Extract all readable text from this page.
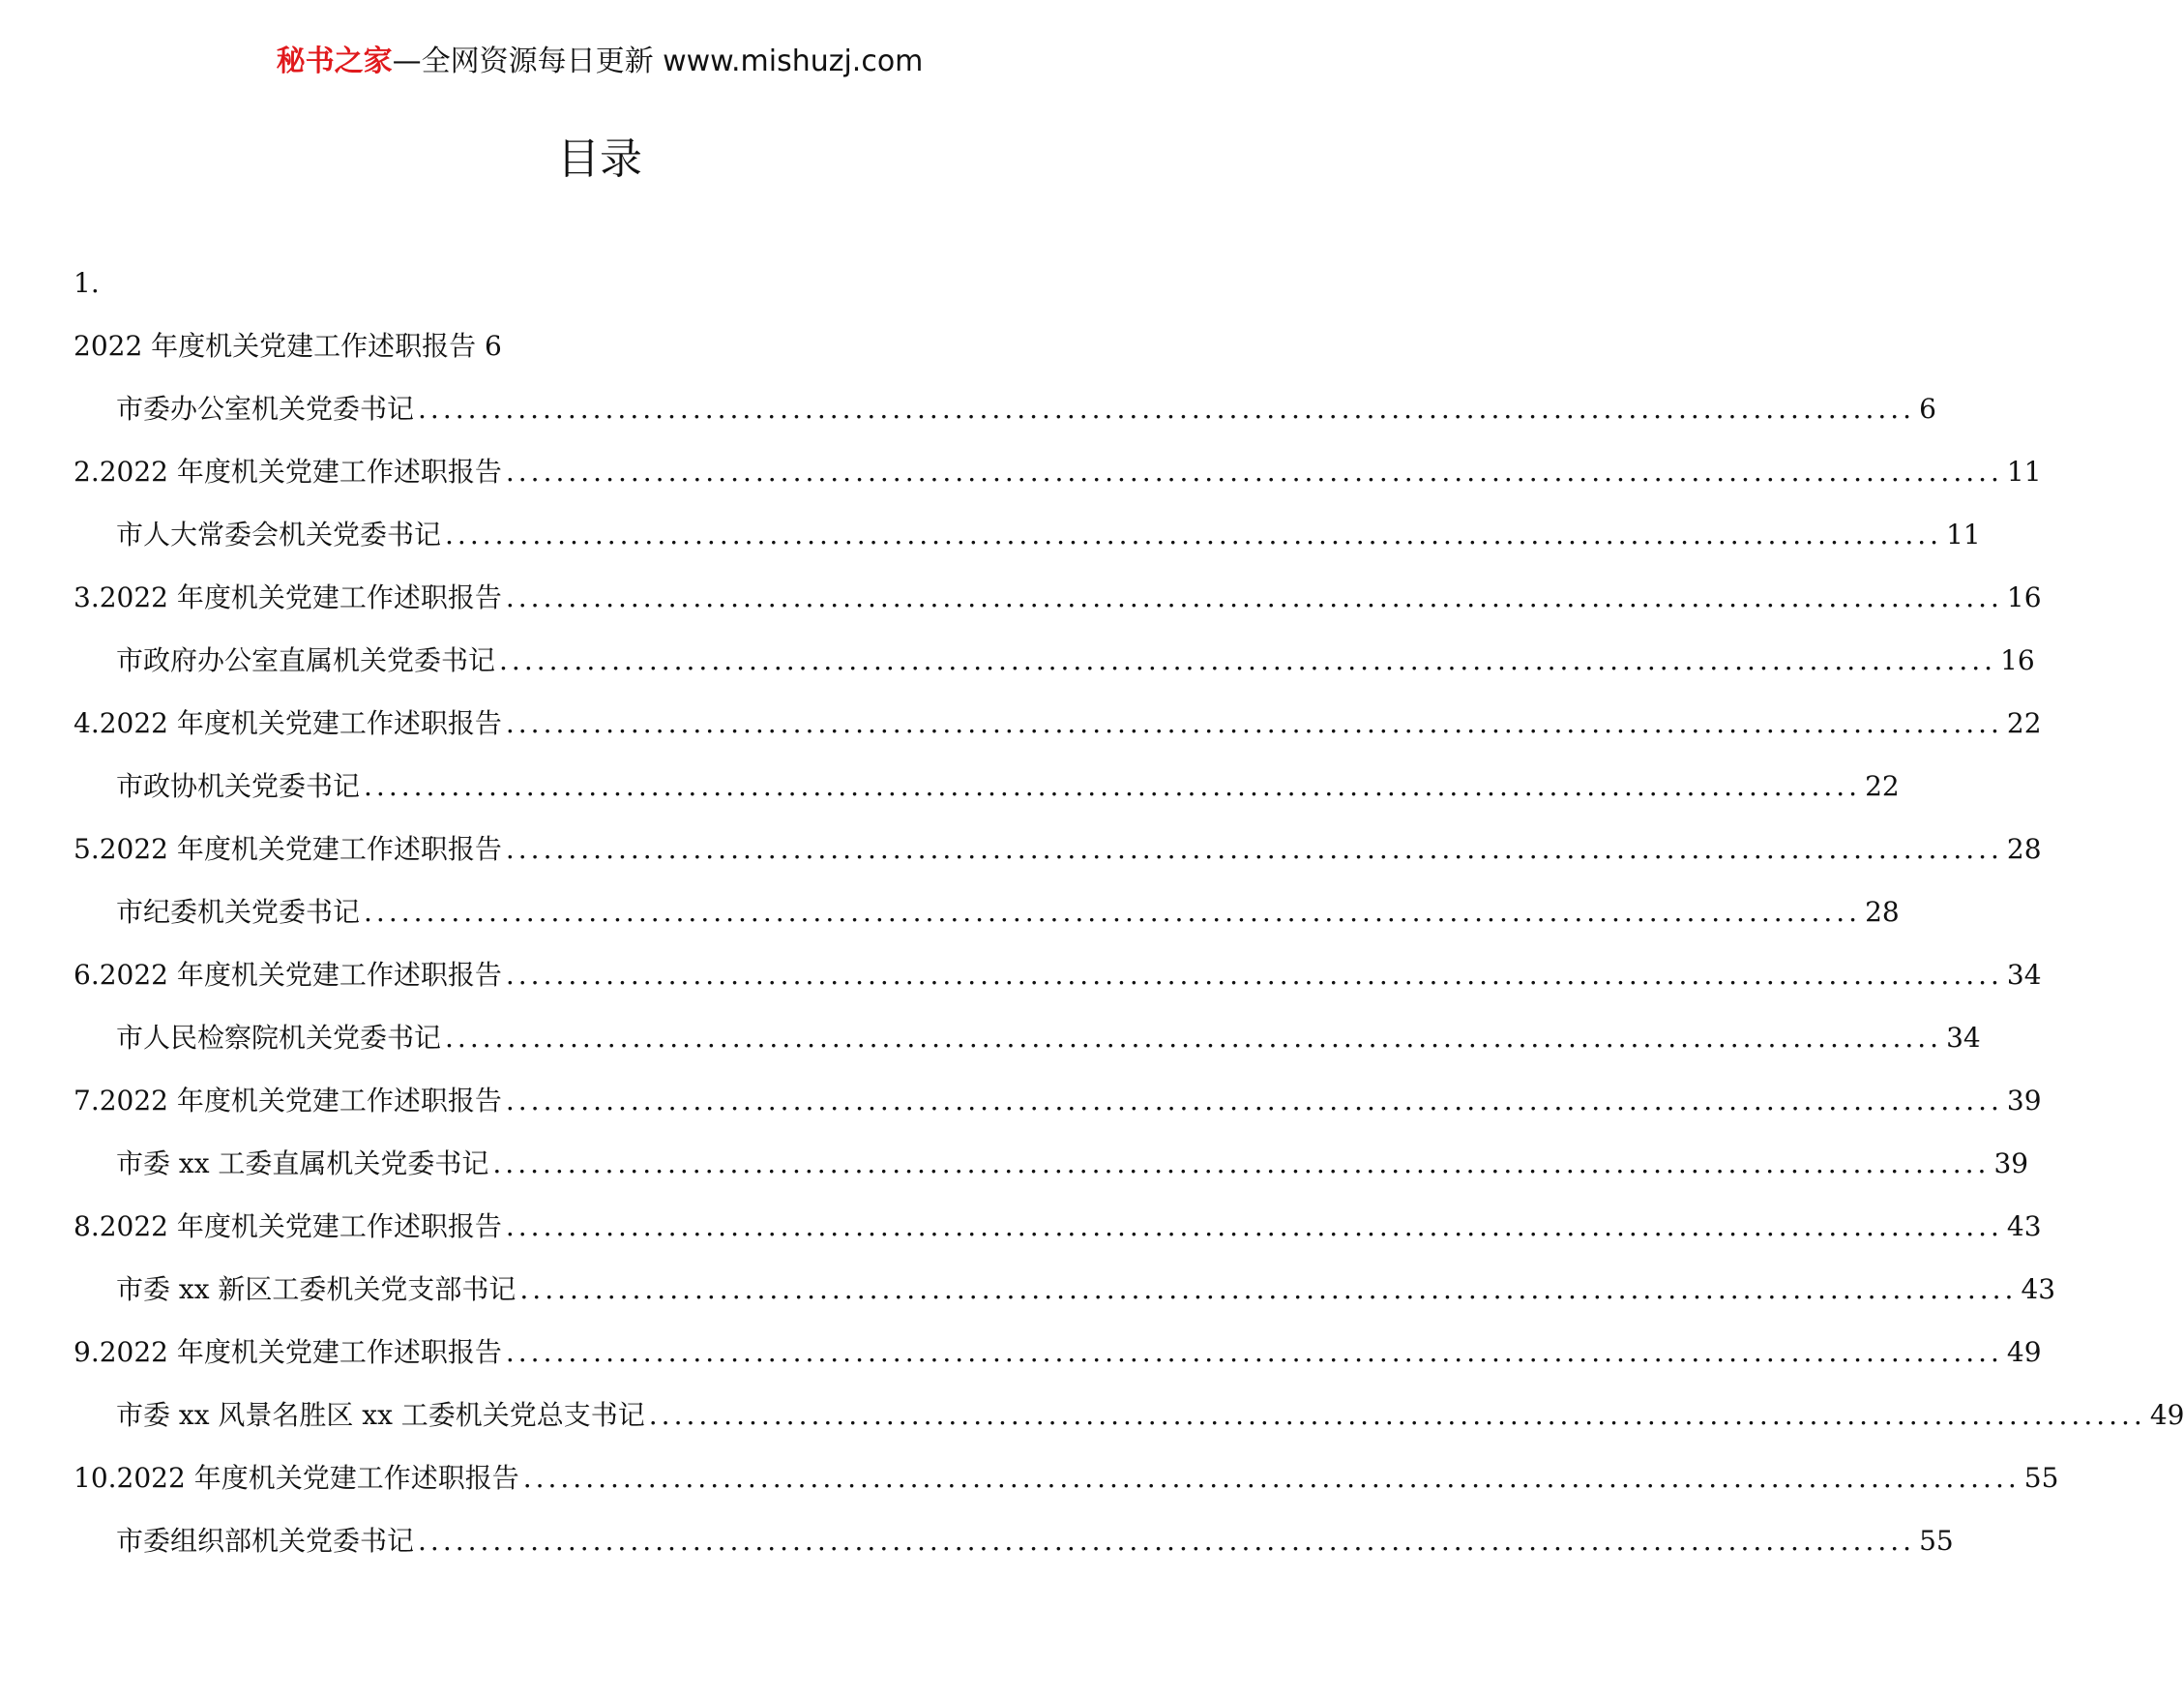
秘书之家—全网资源每日更新 www.mishuzj.com
目录
1.
2022 年度机关党建工作述职报告 6
市委办公室机关党委书记 ........................................................................................................................ 6
2.2022 年度机关党建工作述职报告 ........................................................................................................................ 11
市人大常委会机关党委书记 ........................................................................................................................ 11
3.2022 年度机关党建工作述职报告 ........................................................................................................................ 16
市政府办公室直属机关党委书记 ........................................................................................................................ 16
4.2022 年度机关党建工作述职报告 ........................................................................................................................ 22
市政协机关党委书记 ........................................................................................................................ 22
5.2022 年度机关党建工作述职报告 ........................................................................................................................ 28
市纪委机关党委书记 ........................................................................................................................ 28
6.2022 年度机关党建工作述职报告 ........................................................................................................................ 34
市人民检察院机关党委书记 ........................................................................................................................ 34
7.2022 年度机关党建工作述职报告 ........................................................................................................................ 39
市委 xx 工委直属机关党委书记 ........................................................................................................................ 39
8.2022 年度机关党建工作述职报告 ........................................................................................................................ 43
市委 xx 新区工委机关党支部书记 ........................................................................................................................ 43
9.2022 年度机关党建工作述职报告 ........................................................................................................................ 49
市委 xx 风景名胜区 xx 工委机关党总支书记 ........................................................................................................................ 49
10.2022 年度机关党建工作述职报告 ........................................................................................................................ 55
市委组织部机关党委书记 ........................................................................................................................ 55
